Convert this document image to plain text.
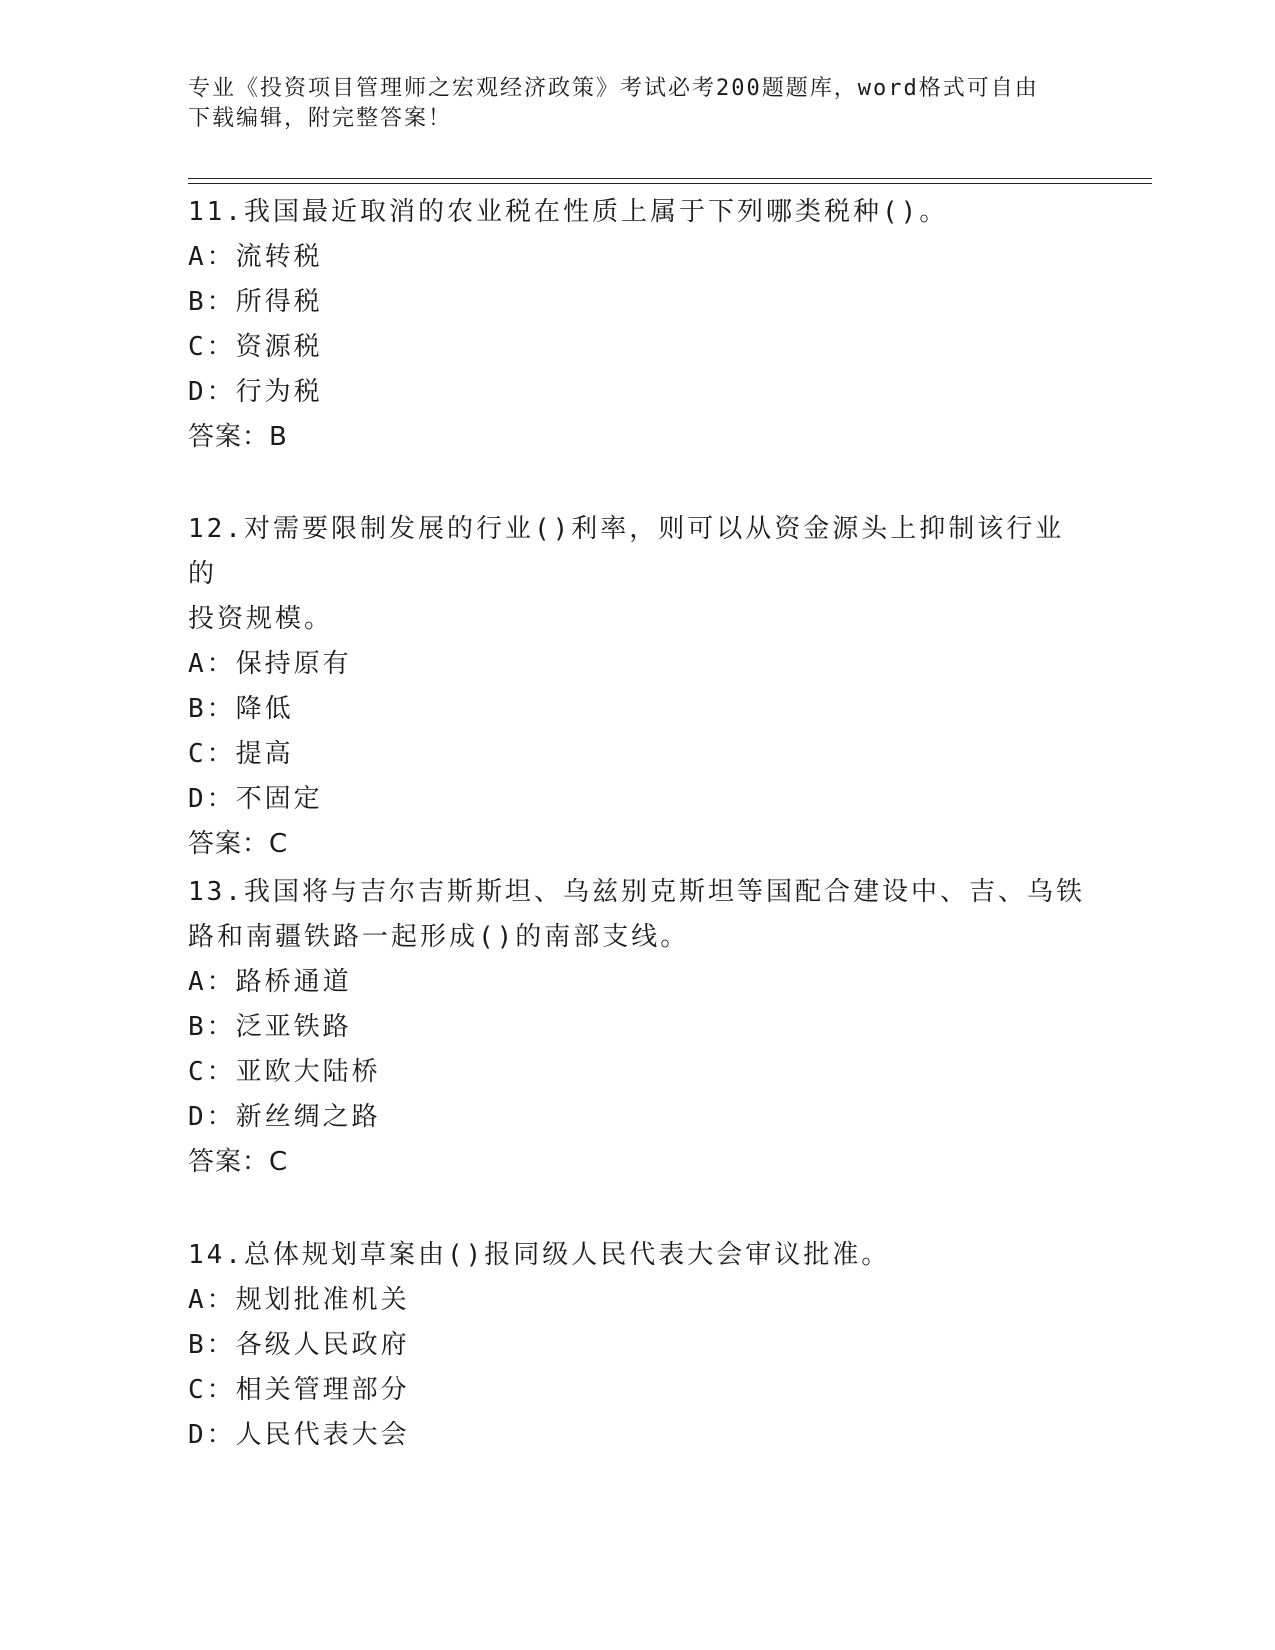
专业《投资项目管理师之宏观经济政策》考试必考200题题库，word格式可自由
下载编辑，附完整答案！

11.我国最近取消的农业税在性质上属于下列哪类税种()。

A：流转税

B：所得税

C：资源税

D：行为税

答案：B

12.对需要限制发展的行业()利率，则可以从资金源头上抑制该行业的

投资规模。

A：保持原有

B：降低

C：提高

D：不固定

答案：C

13.我国将与吉尔吉斯斯坦、乌兹别克斯坦等国配合建设中、吉、乌铁

路和南疆铁路一起形成()的南部支线。

A：路桥通道

B：泛亚铁路

C：亚欧大陆桥

D：新丝绸之路

答案：C

14.总体规划草案由()报同级人民代表大会审议批准。

A：规划批准机关

B：各级人民政府

C：相关管理部分

D：人民代表大会
